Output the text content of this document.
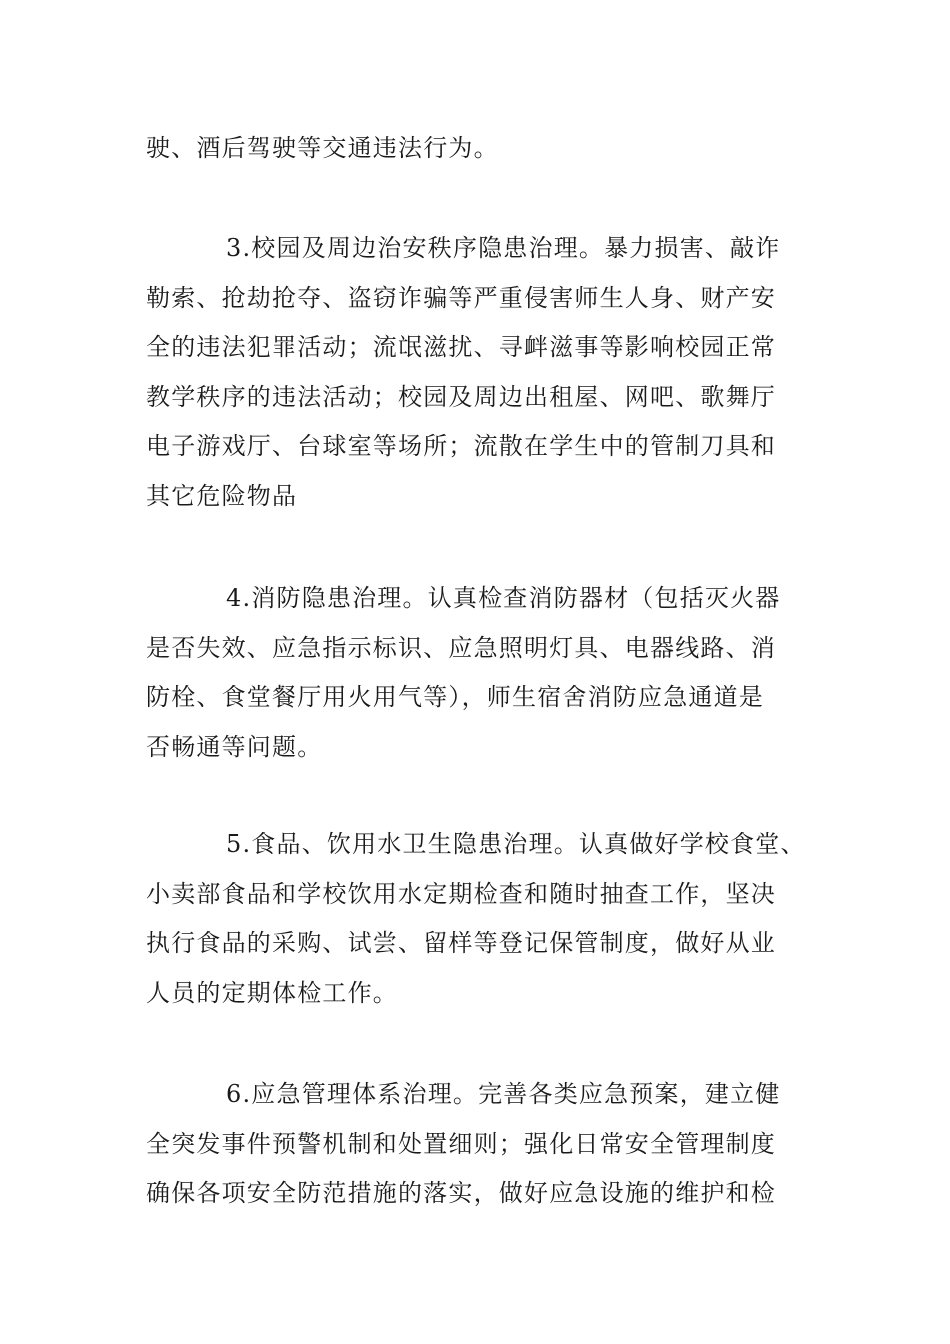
驶、酒后驾驶等交通违法行为。

3.校园及周边治安秩序隐患治理。暴力损害、敲诈
勒索、抢劫抢夺、盗窃诈骗等严重侵害师生人身、财产安
全的违法犯罪活动；流氓滋扰、寻衅滋事等影响校园正常
教学秩序的违法活动；校园及周边出租屋、网吧、歌舞厅
电子游戏厅、台球室等场所；流散在学生中的管制刀具和
其它危险物品

4.消防隐患治理。认真检查消防器材（包括灭火器
是否失效、应急指示标识、应急照明灯具、电器线路、消
防栓、食堂餐厅用火用气等），师生宿舍消防应急通道是
否畅通等问题。

5.食品、饮用水卫生隐患治理。认真做好学校食堂、
小卖部食品和学校饮用水定期检查和随时抽查工作，坚决
执行食品的采购、试尝、留样等登记保管制度，做好从业
人员的定期体检工作。

6.应急管理体系治理。完善各类应急预案，建立健
全突发事件预警机制和处置细则；强化日常安全管理制度
确保各项安全防范措施的落实，做好应急设施的维护和检
